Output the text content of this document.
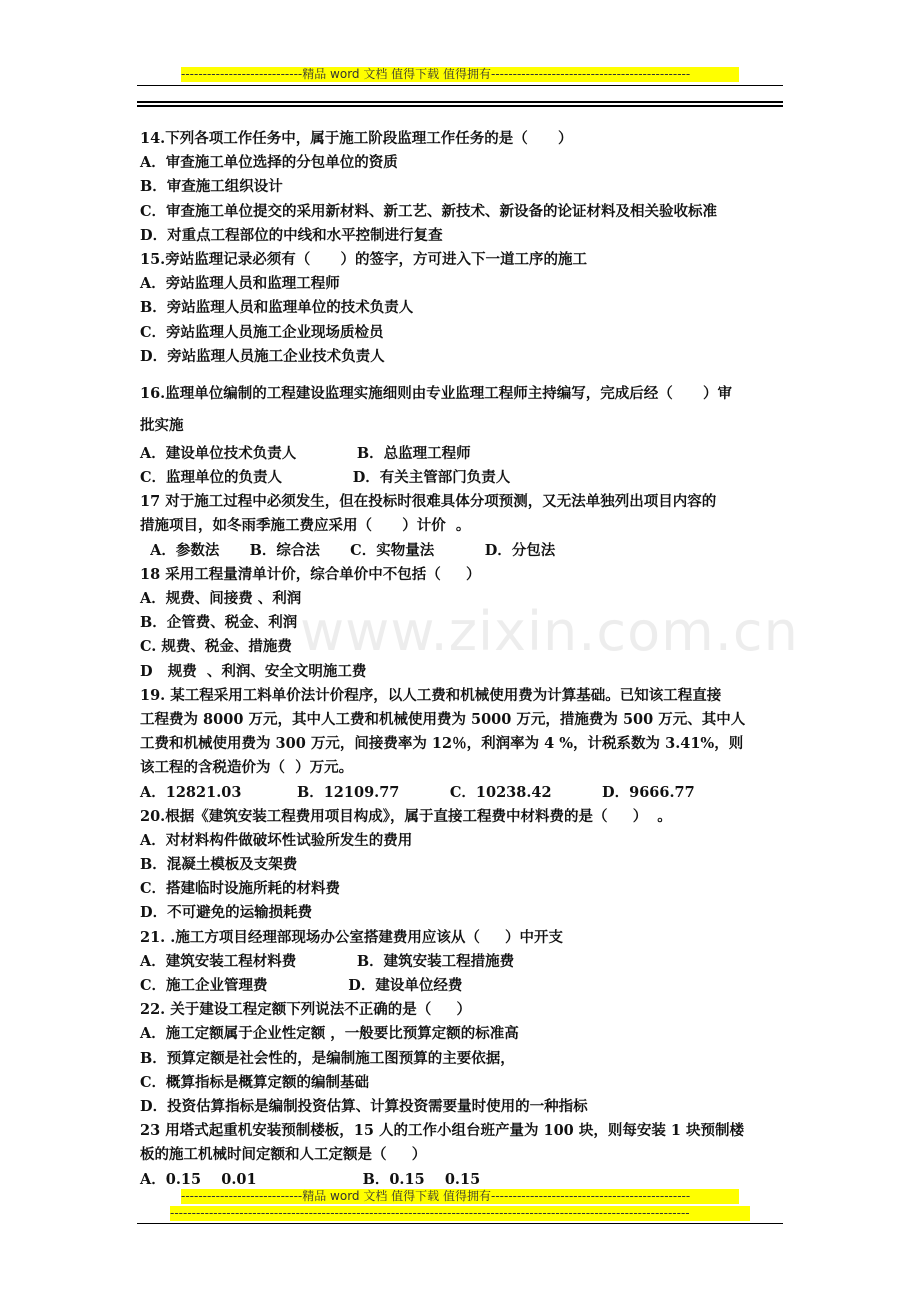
----------------------------精品 word 文档 值得下载 值得拥有----------------------------------------------
www.zixin.com.cn
14.下列各项工作任务中，属于施工阶段监理工作任务的是（      ）
A．审查施工单位选择的分包单位的资质
B．审查施工组织设计
C．审查施工单位提交的采用新材料、新工艺、新技术、新设备的论证材料及相关验收标准
D．对重点工程部位的中线和水平控制进行复查
15.旁站监理记录必须有（      ）的签字，方可进入下一道工序的施工
A．旁站监理人员和监理工程师
B．旁站监理人员和监理单位的技术负责人
C．旁站监理人员施工企业现场质检员
D．旁站监理人员施工企业技术负责人
16.监理单位编制的工程建设监理实施细则由专业监理工程师主持编写，完成后经（      ）审
批实施
A．建设单位技术负责人            B．总监理工程师
C．监理单位的负责人              D．有关主管部门负责人
17 对于施工过程中必须发生，但在投标时很难具体分项预测，又无法单独列出项目内容的
措施项目，如冬雨季施工费应采用（      ）计价  。
A．参数法      B．综合法      C．实物量法          D．分包法
18 采用工程量清单计价，综合单价中不包括（     ）
A．规费、间接费 、利润
B．企管费、税金、利润
C. 规费、税金、措施费
D   规费  、利润、安全文明施工费
19. 某工程采用工料单价法计价程序，以人工费和机械使用费为计算基础。已知该工程直接
工程费为 8000 万元，其中人工费和机械使用费为 5000 万元，措施费为 500 万元、其中人
工费和机械使用费为 300 万元，间接费率为 12％，利润率为 4 %，计税系数为 3.41%，则
该工程的含税造价为（  ）万元。
A．12821.03           B．12109.77          C．10238.42          D．9666.77
20.根据《建筑安装工程费用项目构成》，属于直接工程费中材料费的是（     ）  。
A．对材料构件做破坏性试验所发生的费用
B．混凝土模板及支架费
C．搭建临时设施所耗的材料费
D．不可避免的运输损耗费
21. .施工方项目经理部现场办公室搭建费用应该从（     ）中开支
A．建筑安装工程材料费            B．建筑安装工程措施费
C．施工企业管理费                D．建设单位经费
22. 关于建设工程定额下列说法不正确的是（     ）
A．施工定额属于企业性定额 ，一般要比预算定额的标准高
B．预算定额是社会性的，是编制施工图预算的主要依据，
C．概算指标是概算定额的编制基础
D．投资估算指标是编制投资估算、计算投资需要量时使用的一种指标
23 用塔式起重机安装预制楼板，15 人的工作小组台班产量为 100 块，则每安装 1 块预制楼
板的施工机械时间定额和人工定额是（     ）
A．0.15    0.01                     B．0.15    0.15
----------------------------精品 word 文档 值得下载 值得拥有----------------------------------------------
------------------------------------------------------------------------------------------------------------------------
